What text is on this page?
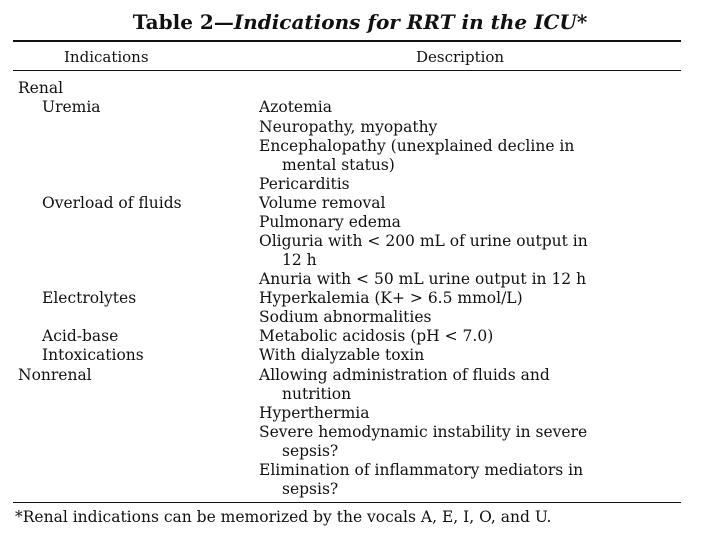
Table 2—Indications for RRT in the ICU*
Indications	Description
Renal
Uremia
Overload of fluids
Electrolytes
Acid-base
Intoxications
Nonrenal
Azotemia
Neuropathy, myopathy
Encephalopathy (unexplained decline in
mental status)
Pericarditis
Volume removal
Pulmonary edema
Oliguria with < 200 mL of urine output in
12 h
Anuria with < 50 mL urine output in 12 h
Hyperkalemia (K+ > 6.5 mmol/L)
Sodium abnormalities
Metabolic acidosis (pH < 7.0)
With dialyzable toxin
Allowing administration of fluids and
nutrition
Hyperthermia
Severe hemodynamic instability in severe
sepsis?
Elimination of inflammatory mediators in
sepsis?
*Renal indications can be memorized by the vocals A, E, I, O, and U.
